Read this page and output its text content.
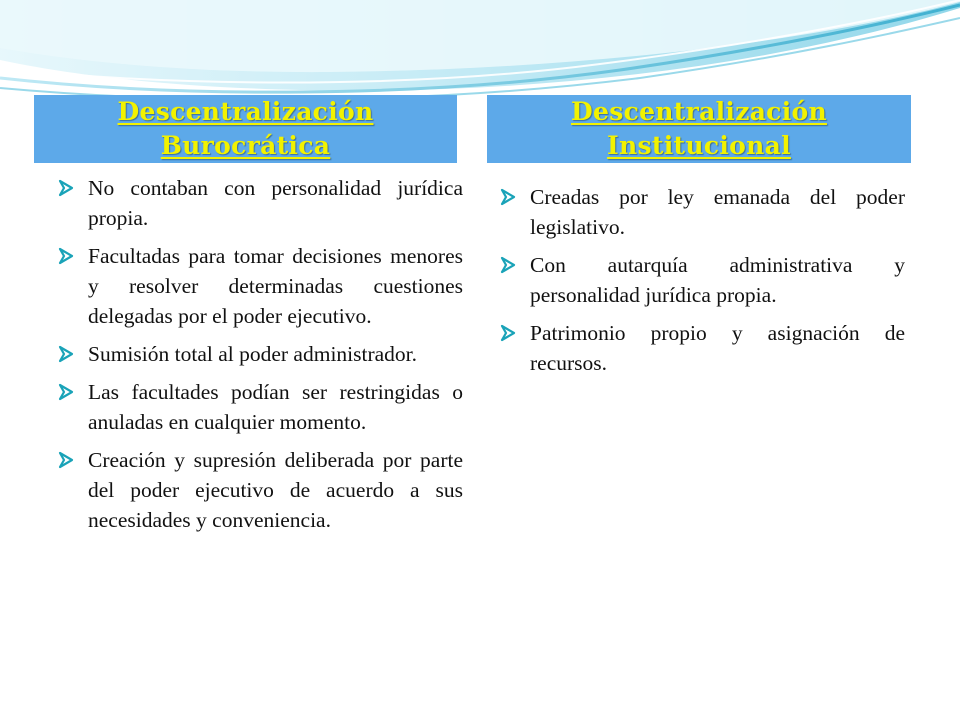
Descentralización Burocrática
Descentralización Institucional
No contaban con personalidad jurídica propia.
Facultadas para tomar decisiones menores y resolver determinadas cuestiones delegadas por el poder ejecutivo.
Sumisión total al poder administrador.
Las facultades podían ser restringidas o anuladas en cualquier momento.
Creación y supresión deliberada por parte del poder ejecutivo de acuerdo a sus necesidades y conveniencia.
Creadas por ley emanada del poder legislativo.
Con autarquía administrativa y personalidad jurídica propia.
Patrimonio propio y asignación de recursos.
